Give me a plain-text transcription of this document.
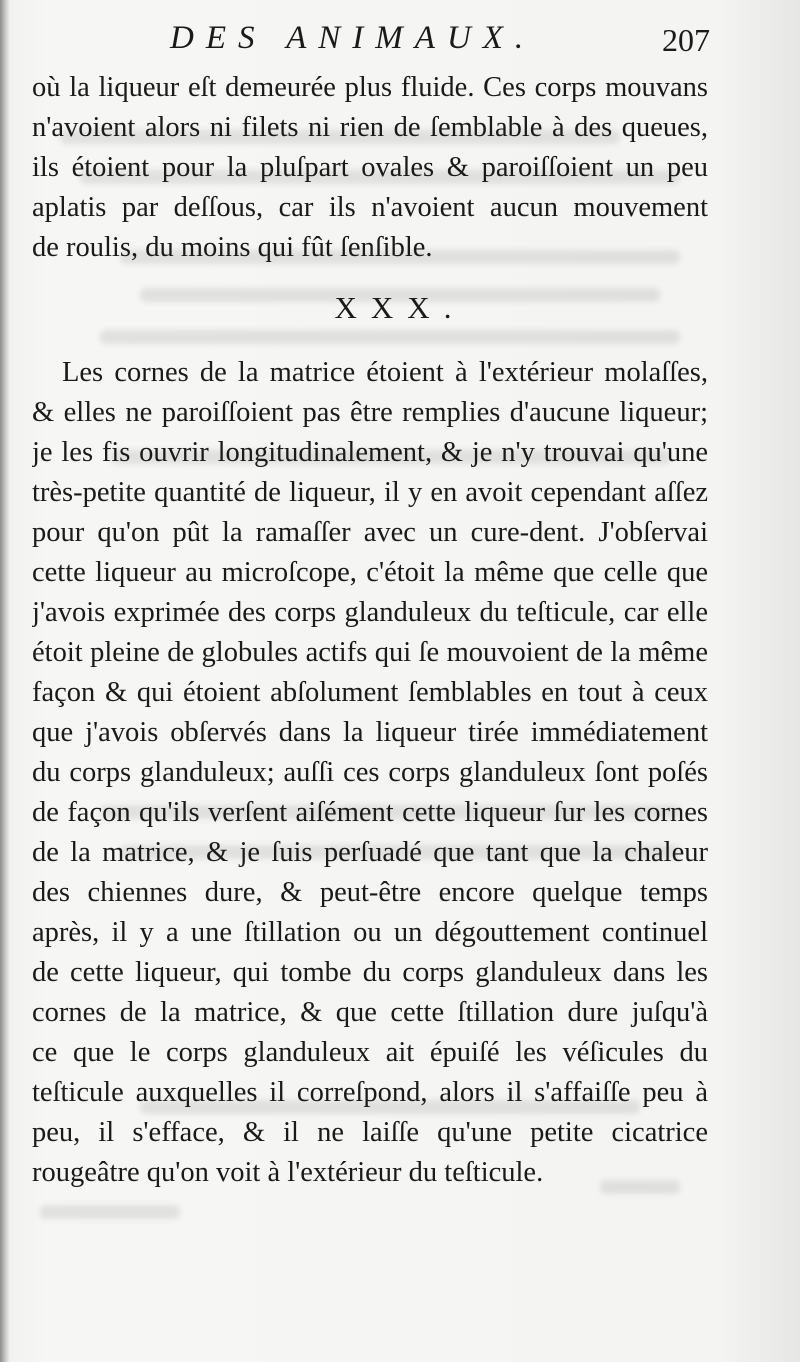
DES ANIMAUX.	207
où la liqueur eſt demeurée plus fluide. Ces corps mouvans
n'avoient alors ni filets ni rien de ſemblable à des queues,
ils étoient pour la pluſpart ovales & paroiſſoient un peu
aplatis par deſſous, car ils n'avoient aucun mouvement
de roulis, du moins qui fût ſenſible.
XXX.
Les cornes de la matrice étoient à l'extérieur molaſſes,
& elles ne paroiſſoient pas être remplies d'aucune liqueur;
je les fis ouvrir longitudinalement, & je n'y trouvai qu'une
très-petite quantité de liqueur, il y en avoit cependant aſſez
pour qu'on pût la ramaſſer avec un cure-dent. J'obſervai
cette liqueur au microſcope, c'étoit la même que celle que
j'avois exprimée des corps glanduleux du teſticule, car elle
étoit pleine de globules actifs qui ſe mouvoient de la même
façon & qui étoient abſolument ſemblables en tout à ceux
que j'avois obſervés dans la liqueur tirée immédiatement
du corps glanduleux; auſſi ces corps glanduleux ſont poſés
de façon qu'ils verſent aiſément cette liqueur ſur les cornes
de la matrice, & je ſuis perſuadé que tant que la chaleur
des chiennes dure, & peut-être encore quelque temps
après, il y a une ſtillation ou un dégouttement continuel
de cette liqueur, qui tombe du corps glanduleux dans les
cornes de la matrice, & que cette ſtillation dure juſqu'à
ce que le corps glanduleux ait épuiſé les véſicules du
teſticule auxquelles il correſpond, alors il s'affaiſſe peu à
peu, il s'efface, & il ne laiſſe qu'une petite cicatrice
rougeâtre qu'on voit à l'extérieur du teſticule.
